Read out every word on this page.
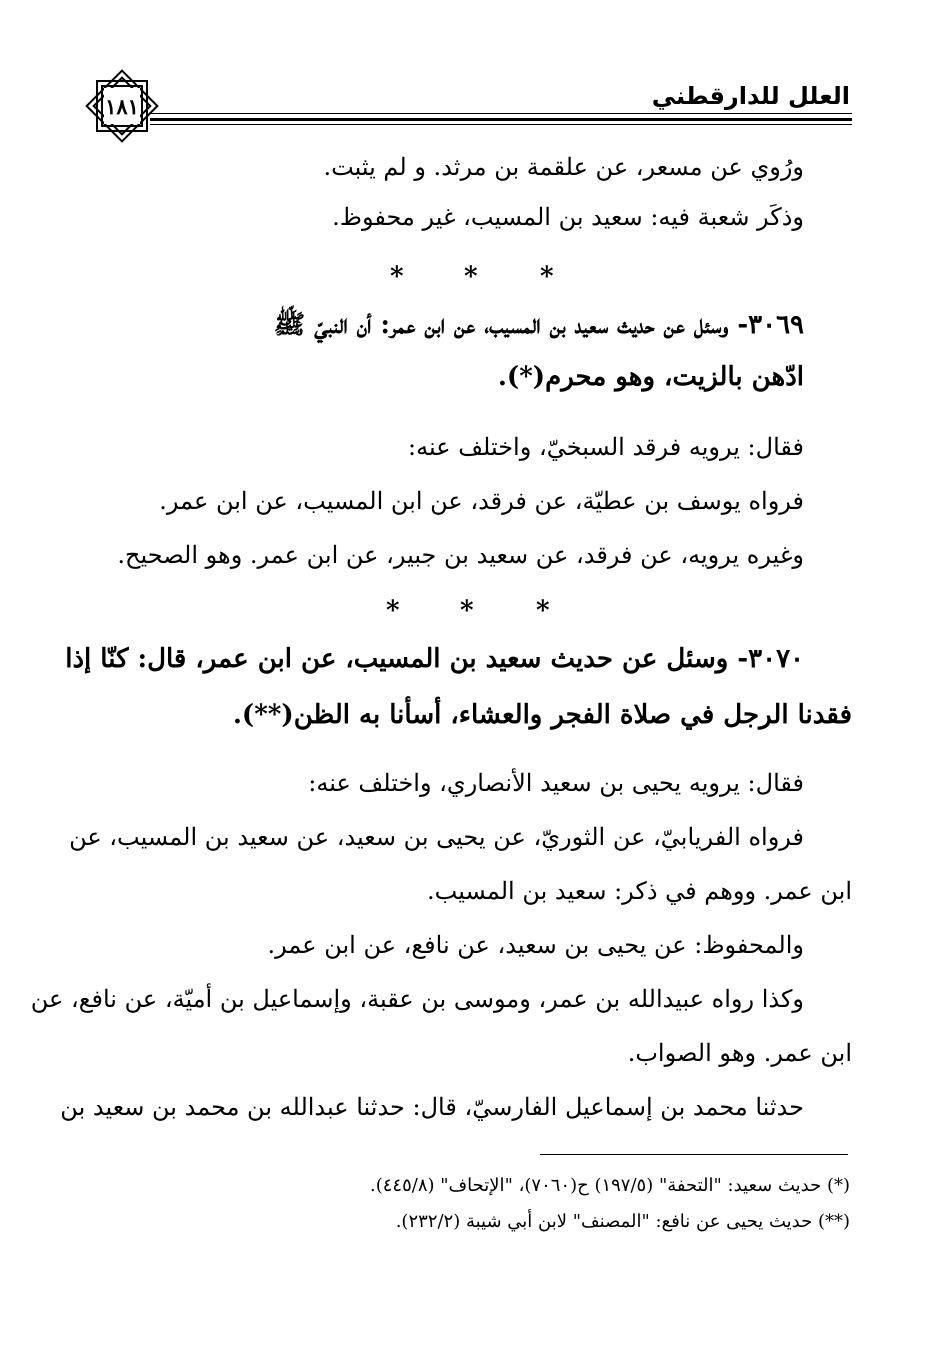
العلل للدارقطني
١٨١
ورُوي عن مسعر، عن علقمة بن مرثد. و لم يثبت.
وذكَر شعبة فيه: سعيد بن المسيب، غير محفوظ.
* * *
٣٠٦٩- وسئل عن حديث سعيد بن المسيب، عن ابن عمر: أن النبيّ ﷺ
ادّهن بالزيت، وهو محرم(*).
فقال: يرويه فرقد السبخيّ، واختلف عنه:
فرواه يوسف بن عطيّة، عن فرقد، عن ابن المسيب، عن ابن عمر.
وغيره يرويه، عن فرقد، عن سعيد بن جبير، عن ابن عمر. وهو الصحيح.
* * *
٣٠٧٠- وسئل عن حديث سعيد بن المسيب، عن ابن عمر، قال: كنّا إذا
فقدنا الرجل في صلاة الفجر والعشاء، أسأنا به الظن(**).
فقال: يرويه يحيى بن سعيد الأنصاري، واختلف عنه:
فرواه الفريابيّ، عن الثوريّ، عن يحيى بن سعيد، عن سعيد بن المسيب، عن
ابن عمر. ووهم في ذكر: سعيد بن المسيب.
والمحفوظ: عن يحيى بن سعيد، عن نافع، عن ابن عمر.
وكذا رواه عبيدالله بن عمر، وموسى بن عقبة، وإسماعيل بن أميّة، عن نافع، عن
ابن عمر. وهو الصواب.
حدثنا محمد بن إسماعيل الفارسيّ، قال: حدثنا عبدالله بن محمد بن سعيد بن
(*) حديث سعيد: "التحفة" (١٩٧/٥) ح(٧٠٦٠)، "الإتحاف" (٤٤٥/٨).
(**) حديث يحيى عن نافع: "المصنف" لابن أبي شيبة (٢٣٢/٢).
